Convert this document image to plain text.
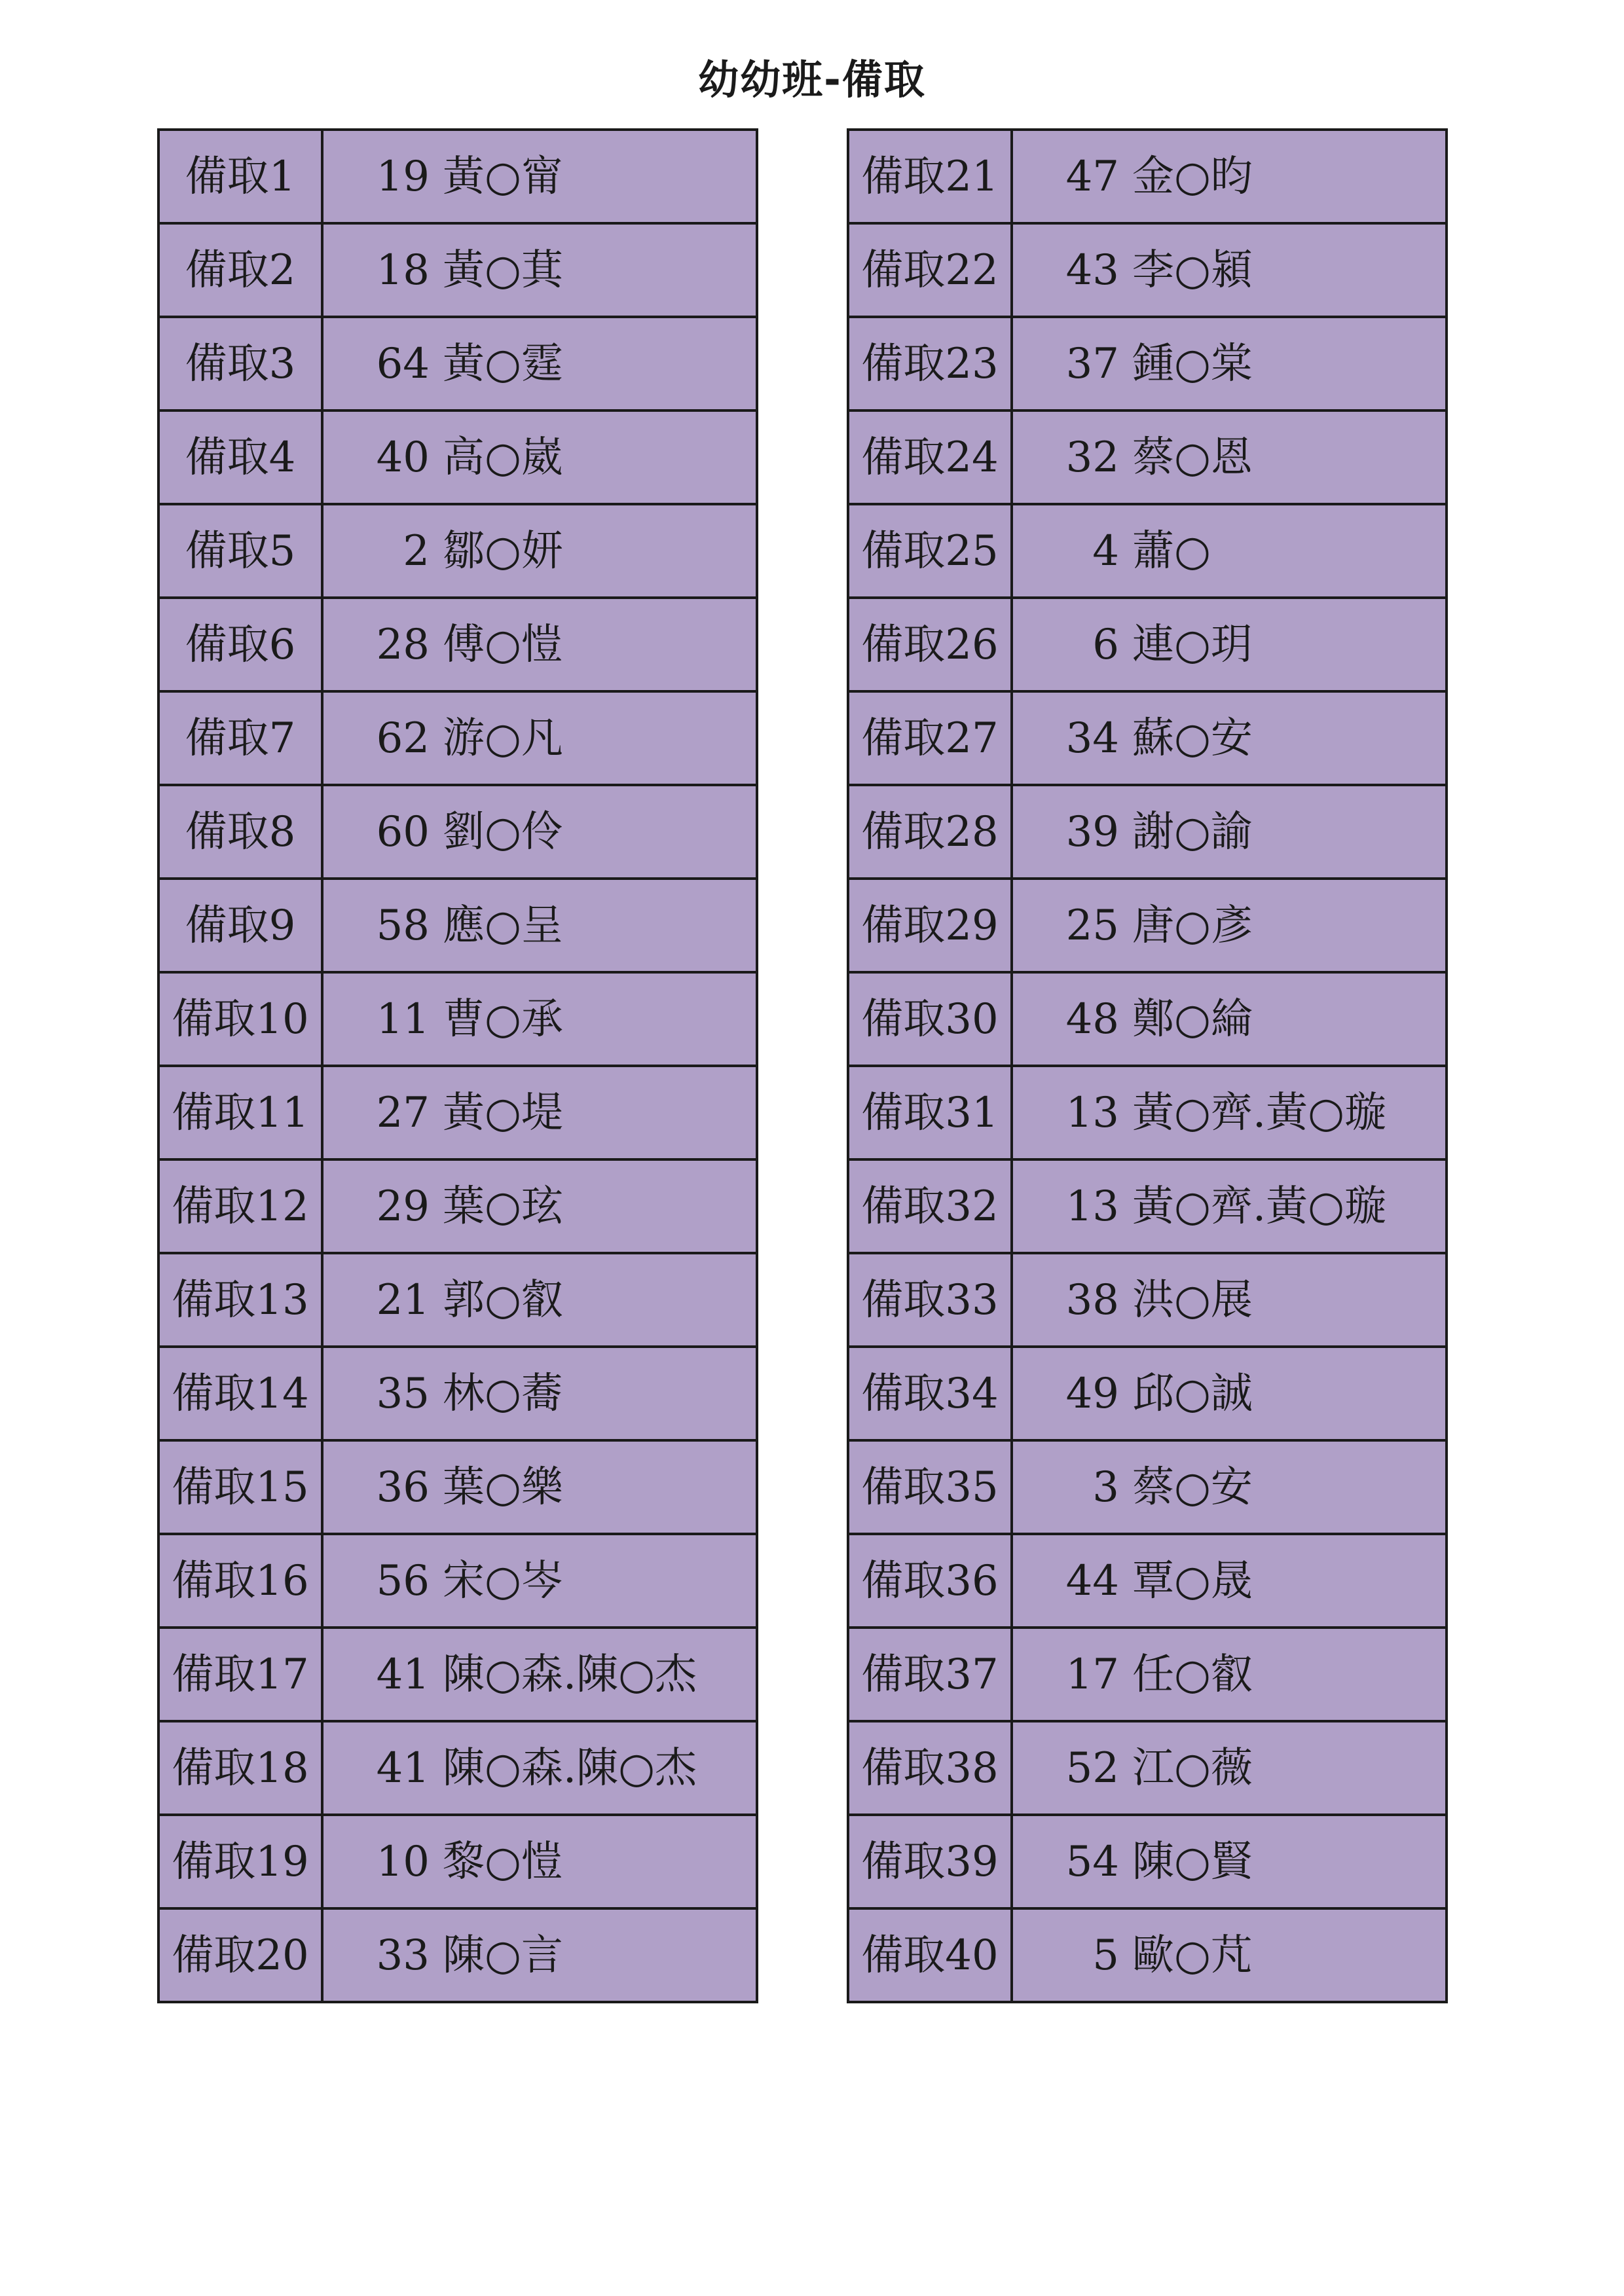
幼幼班-備取
備取1	19 黃○甯

備取2	18 黃○萁

備取3	64 黃○霆

備取4	40 高○崴

備取5	2 鄒○妍

備取6	28 傅○愷

備取7	62 游○凡

備取8	60 劉○伶

備取9	58 應○呈

備取10	11 曹○承

備取11	27 黃○堤

備取12	29 葉○玹

備取13	21 郭○叡

備取14	35 林○蕎

備取15	36 葉○樂

備取16	56 宋○岑

備取17	41 陳○森.陳○杰

備取18	41 陳○森.陳○杰

備取19	10 黎○愷

備取20	33 陳○言
備取21	47 金○昀

備取22	43 李○潁

備取23	37 鍾○棠

備取24	32 蔡○恩

備取25	4 蕭○

備取26	6 連○玥

備取27	34 蘇○安

備取28	39 謝○諭

備取29	25 唐○彥

備取30	48 鄭○綸

備取31	13 黃○齊.黃○璇

備取32	13 黃○齊.黃○璇

備取33	38 洪○展

備取34	49 邱○誠

備取35	3 蔡○安

備取36	44 覃○晟

備取37	17 任○叡

備取38	52 江○薇

備取39	54 陳○賢

備取40	5 歐○芃
